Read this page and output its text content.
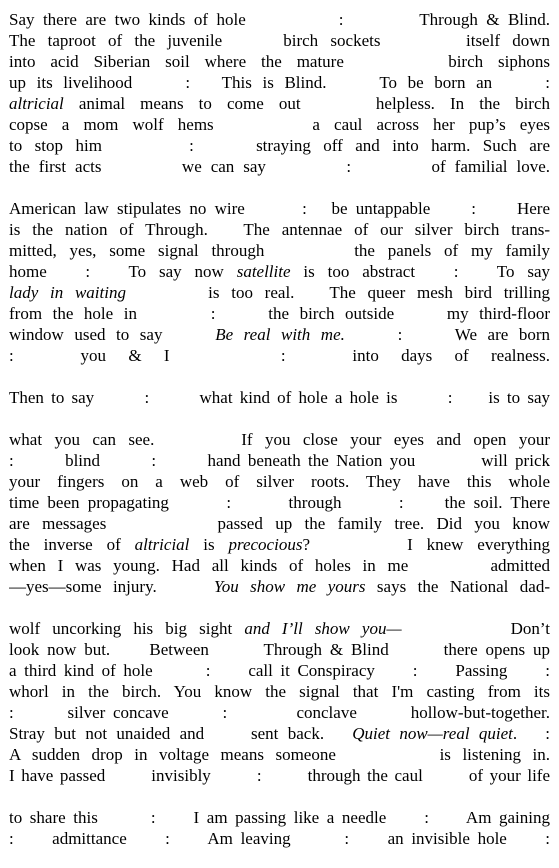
Say there are two kinds of hole           :         Through & Blind.
The taproot of the juvenile     birch sockets       itself down
into acid Siberian soil where the mature       birch siphons
up its livelihood     :   This is Blind.     To be born an     :
altricial animal means to come out     helpless. In the birch
copse a mom wolf hems       a caul across her pup’s eyes
to stop him       :     straying off and into harm. Such are
the first acts         we can say         :         of familial love.
American law stipulates no wire       :   be untappable     :     Here
is the nation of Through.   The antennae of our silver birch trans-
mitted, yes, some signal through       the panels of my family
home   :   To say now satellite is too abstract   :   To say
lady in waiting       is too real.   The queer mesh bird trilling
from the hole in       :     the birch outside     my third-floor
window used to say     Be real with me.     :     We are born
:         you   &   I               :         into   days   of   realness.
Then to say       :       what kind of hole a hole is       :     is to say
what you can see.       If you close your eyes and open your
:       blind       :       hand beneath the Nation you         will prick
your fingers on a web of silver roots. They have this whole
time been propagating       :       through       :     the soil. There
are messages         passed up the family tree. Did you know
the inverse of altricial is precocious?       I knew everything
when I was young. Had all kinds of holes in me       admitted
—yes—some injury.     You show me yours says the National dad-
wolf uncorking his big sight and I’ll show you—         Don’t
look now but.     Between       Through & Blind       there opens up
a third kind of hole       :     call it Conspiracy     :     Passing     :
whorl in the birch. You know the signal that I'm casting from its
:       silver concave       :         conclave       hollow-but-together.
Stray but not unaided and     sent back.   Quiet now—real quiet.   :
A sudden drop in voltage means someone         is listening in.
I have passed       invisibly       :       through the caul       of your life
to share this       :     I am passing like a needle     :     Am gaining
:     admittance     :     Am leaving       :     an invisible hole     :
